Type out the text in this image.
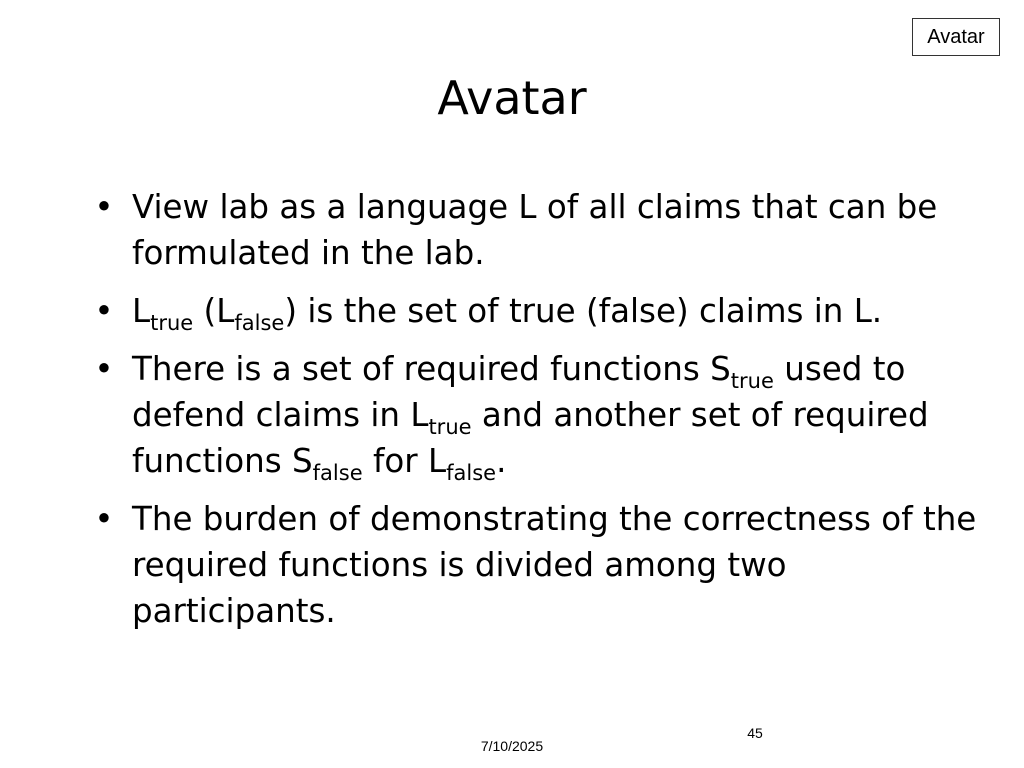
Avatar
Avatar
• View lab as a language L of all claims that can be formulated in the lab.
• $L_{true}$ $(L_{false})$ is the set of true (false) claims in L.
• There is a set of required functions $S_{true}$ used to defend claims in $L_{true}$ and another set of required functions $S_{false}$ for $L_{false}$.
• The burden of demonstrating the correctness of the required functions is divided among two participants.
45
7/10/2025
